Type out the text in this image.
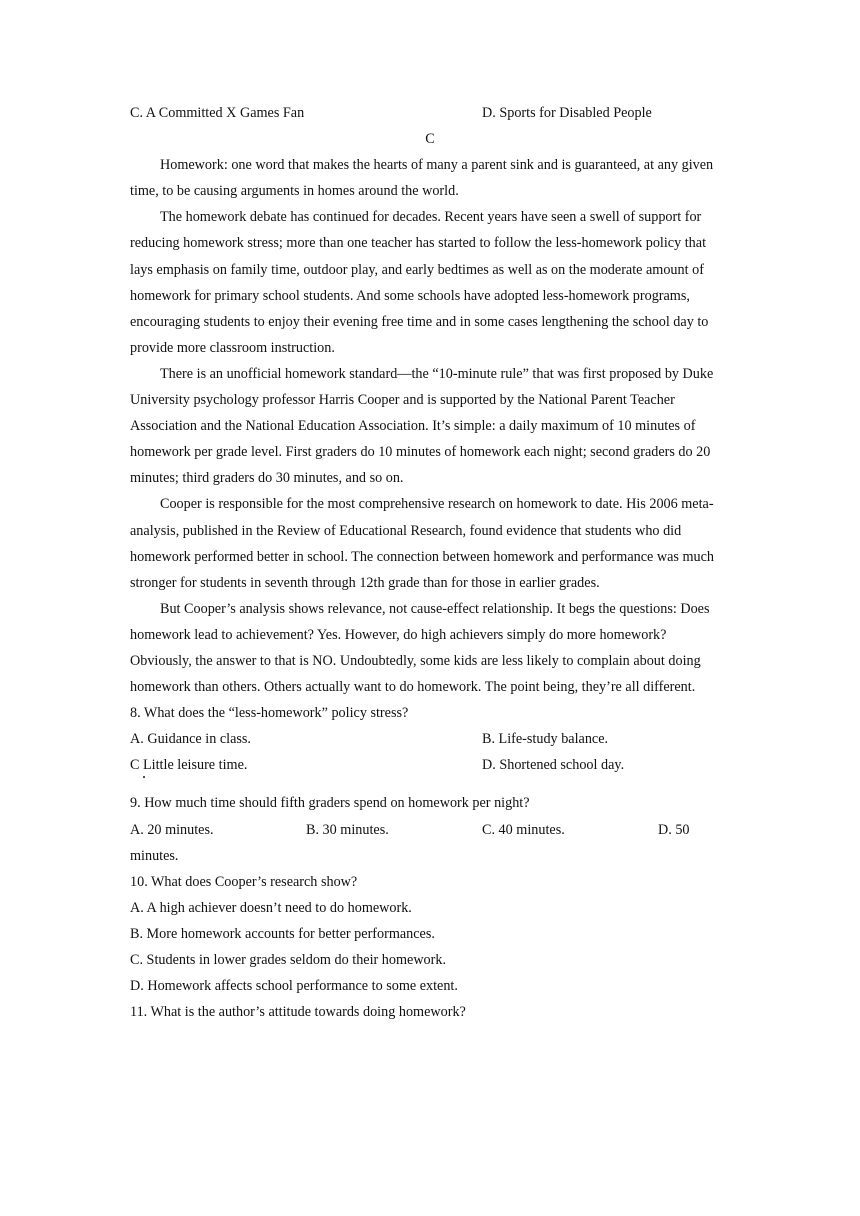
C. A Committed X Games Fan	D. Sports for Disabled People
C
Homework: one word that makes the hearts of many a parent sink and is guaranteed, at any given time, to be causing arguments in homes around the world.
The homework debate has continued for decades. Recent years have seen a swell of support for reducing homework stress; more than one teacher has started to follow the less-homework policy that lays emphasis on family time, outdoor play, and early bedtimes as well as on the moderate amount of homework for primary school students. And some schools have adopted less-homework programs, encouraging students to enjoy their evening free time and in some cases lengthening the school day to provide more classroom instruction.
There is an unofficial homework standard—the “10-minute rule” that was first proposed by Duke University psychology professor Harris Cooper and is supported by the National Parent Teacher Association and the National Education Association. It’s simple: a daily maximum of 10 minutes of homework per grade level. First graders do 10 minutes of homework each night; second graders do 20 minutes; third graders do 30 minutes, and so on.
Cooper is responsible for the most comprehensive research on homework to date. His 2006 meta-analysis, published in the Review of Educational Research, found evidence that students who did homework performed better in school. The connection between homework and performance was much stronger for students in seventh through 12th grade than for those in earlier grades.
But Cooper’s analysis shows relevance, not cause-effect relationship. It begs the questions: Does homework lead to achievement? Yes. However, do high achievers simply do more homework? Obviously, the answer to that is NO. Undoubtedly, some kids are less likely to complain about doing homework than others. Others actually want to do homework. The point being, they’re all different.
8. What does the “less-homework” policy stress?
A. Guidance in class.	B. Life-study balance.
C Little leisure time.	D. Shortened school day.
9. How much time should fifth graders spend on homework per night?
A. 20 minutes.	B. 30 minutes.	C. 40 minutes.	D. 50
minutes.
10. What does Cooper’s research show?
A. A high achiever doesn’t need to do homework.
B. More homework accounts for better performances.
C. Students in lower grades seldom do their homework.
D. Homework affects school performance to some extent.
11. What is the author’s attitude towards doing homework?
